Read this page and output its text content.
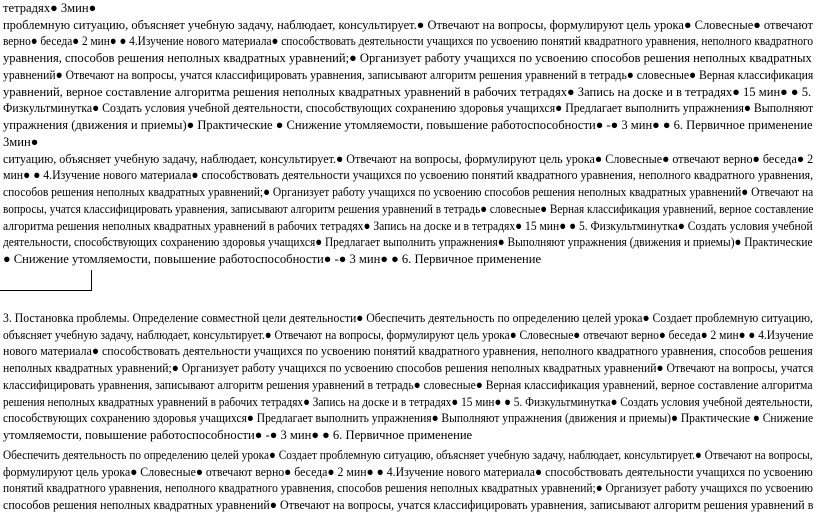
тетрадях● 3мин●
проблемную ситуацию, объясняет учебную задачу, наблюдает, консультирует.● Отвечают на вопросы, формулируют цель урока● Словесные● отвечают
верно● беседа● 2 мин● ● 4.Изучение нового материала● способствовать деятельности учащихся по усвоению понятий квадратного уравнения, неполного квадратного
уравнения, способов решения неполных квадратных уравнений;● Организует работу учащихся по усвоению способов решения неполных квадратных
уравнений● Отвечают на вопросы, учатся классифицировать уравнения, записывают алгоритм решения уравнений в тетрадь● словесные● Верная классификация
уравнений, верное составление алгоритма решения неполных квадратных уравнений в рабочих тетрадях● Запись на доске и в тетрадях● 15 мин● ● 5.
Физкультминутка● Создать условия учебной деятельности, способствующих сохранению здоровья учащихся● Предлагает выполнить упражнения● Выполняют
упражнения (движения и приемы)● Практические ● Снижение утомляемости, повышение работоспособности● -● 3 мин● ● 6. Первичное применение
3мин●
ситуацию, объясняет учебную задачу, наблюдает, консультирует.● Отвечают на вопросы, формулируют цель урока● Словесные● отвечают верно● беседа● 2
мин● ● 4.Изучение нового материала● способствовать деятельности учащихся по усвоению понятий квадратного уравнения, неполного квадратного уравнения,
способов решения неполных квадратных уравнений;● Организует работу учащихся по усвоению способов решения неполных квадратных уравнений● Отвечают на
вопросы, учатся классифицировать уравнения, записывают алгоритм решения уравнений в тетрадь● словесные● Верная классификация уравнений, верное составление
алгоритма решения неполных квадратных уравнений в рабочих тетрадях● Запись на доске и в тетрадях● 15 мин● ● 5. Физкультминутка● Создать условия учебной
деятельности, способствующих сохранению здоровья учащихся● Предлагает выполнить упражнения● Выполняют упражнения (движения и приемы)● Практические
● Снижение утомляемости, повышение работоспособности● -● 3 мин● ● 6. Первичное применение
3. Постановка проблемы. Определение совместной цели деятельности● Обеспечить деятельность по определению целей урока● Создает проблемную ситуацию,
объясняет учебную задачу, наблюдает, консультирует.● Отвечают на вопросы, формулируют цель урока● Словесные● отвечают верно● беседа● 2 мин● ● 4.Изучение
нового материала● способствовать деятельности учащихся по усвоению понятий квадратного уравнения, неполного квадратного уравнения, способов решения
неполных квадратных уравнений;● Организует работу учащихся по усвоению способов решения неполных квадратных уравнений● Отвечают на вопросы, учатся
классифицировать уравнения, записывают алгоритм решения уравнений в тетрадь● словесные● Верная классификация уравнений, верное составление алгоритма
решения неполных квадратных уравнений в рабочих тетрадях● Запись на доске и в тетрадях● 15 мин● ● 5. Физкультминутка● Создать условия учебной деятельности,
способствующих сохранению здоровья учащихся● Предлагает выполнить упражнения● Выполняют упражнения (движения и приемы)● Практические ● Снижение
утомляемости, повышение работоспособности● -● 3 мин● ● 6. Первичное применение
Обеспечить деятельность по определению целей урока● Создает проблемную ситуацию, объясняет учебную задачу, наблюдает, консультирует.● Отвечают на вопросы,
формулируют цель урока● Словесные● отвечают верно● беседа● 2 мин● ● 4.Изучение нового материала● способствовать деятельности учащихся по усвоению
понятий квадратного уравнения, неполного квадратного уравнения, способов решения неполных квадратных уравнений;● Организует работу учащихся по усвоению
способов решения неполных квадратных уравнений● Отвечают на вопросы, учатся классифицировать уравнения, записывают алгоритм решения уравнений в
